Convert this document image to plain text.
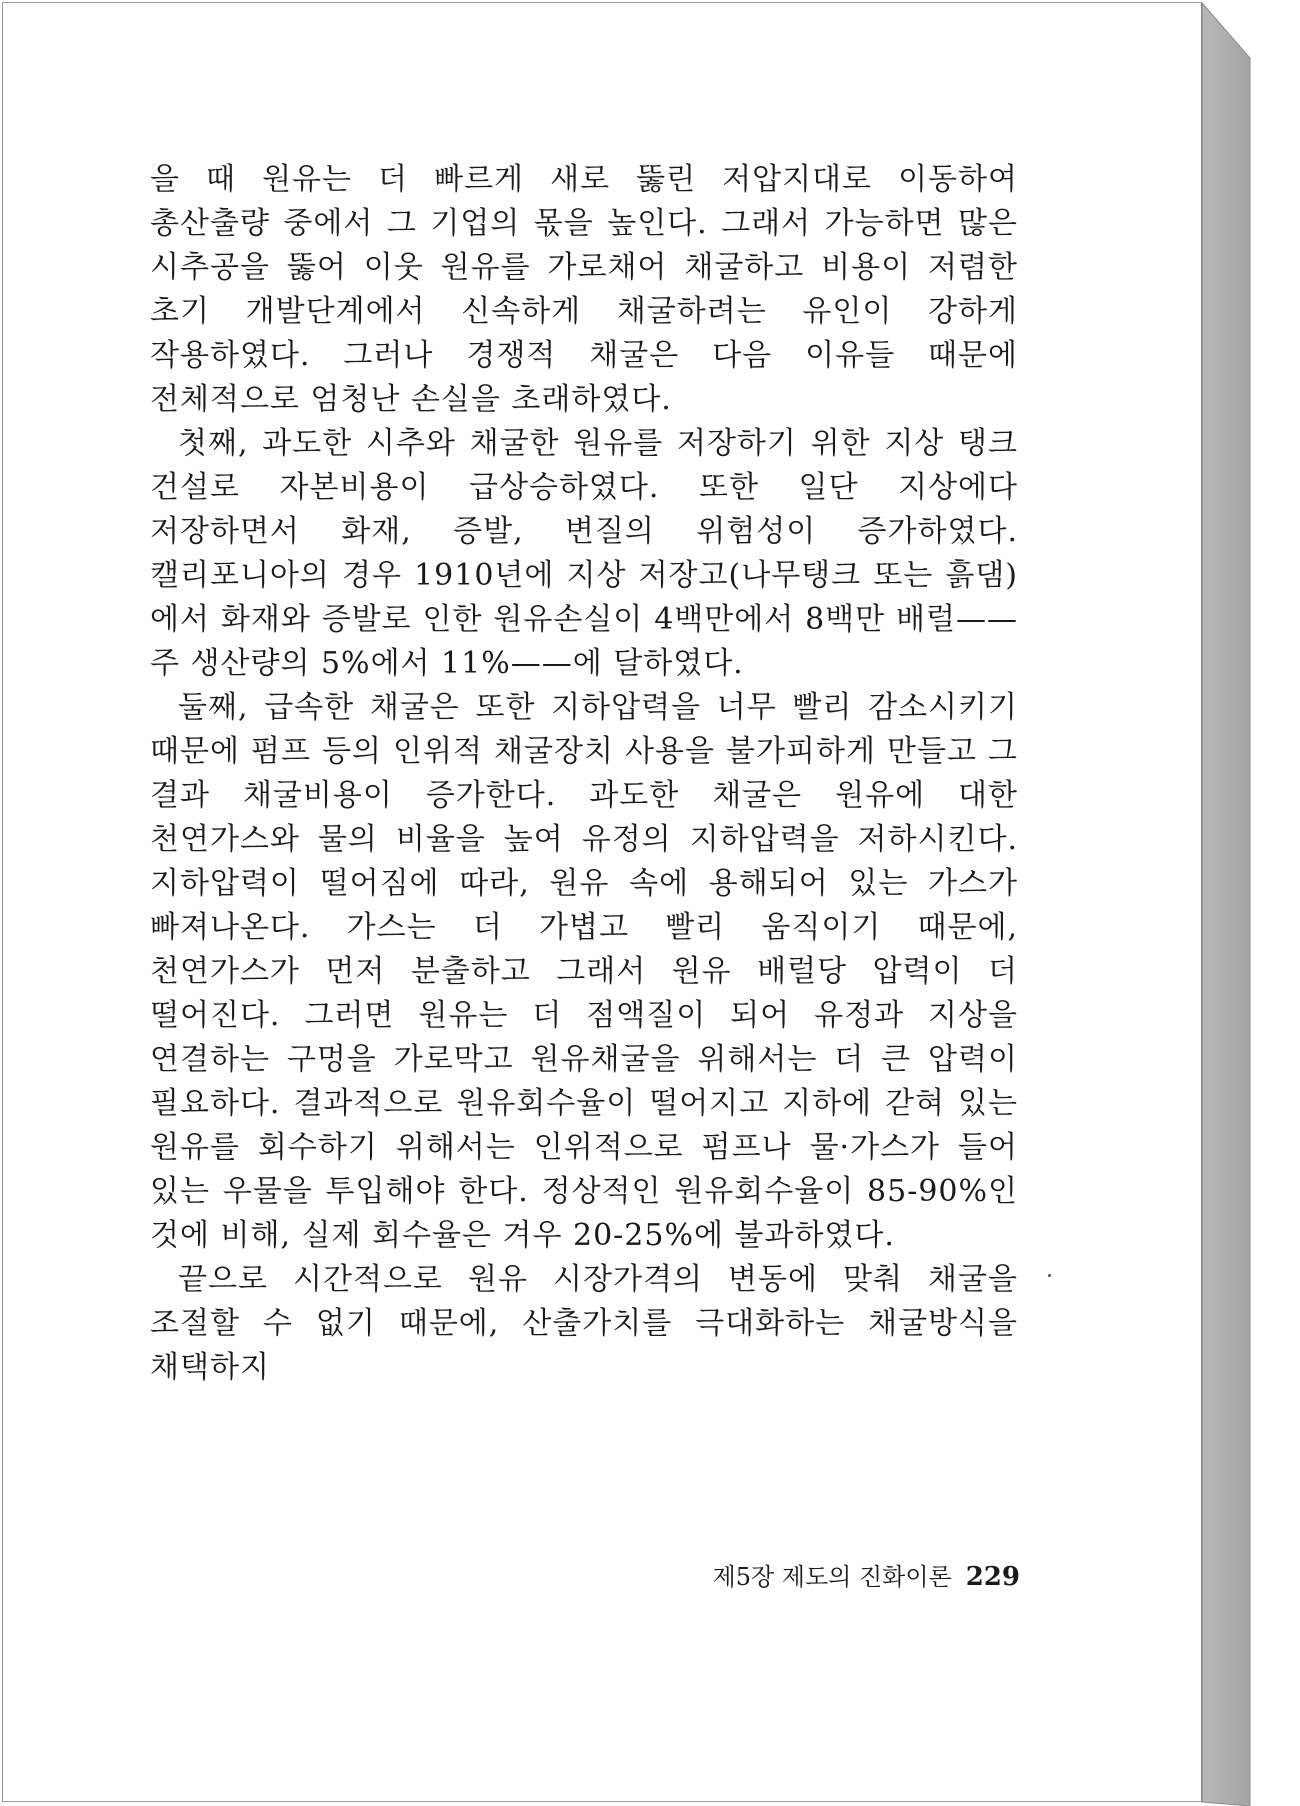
을 때 원유는 더 빠르게 새로 뚫린 저압지대로 이동하여 총산출량 중에서 그 기업의 몫을 높인다. 그래서 가능하면 많은 시추공을 뚫어 이웃 원유를 가로채어 채굴하고 비용이 저렴한 초기 개발단계에서 신속하게 채굴하려는 유인이 강하게 작용하였다. 그러나 경쟁적 채굴은 다음 이유들 때문에 전체적으로 엄청난 손실을 초래하였다.

첫째, 과도한 시추와 채굴한 원유를 저장하기 위한 지상 탱크 건설로 자본비용이 급상승하였다. 또한 일단 지상에다 저장하면서 화재, 증발, 변질의 위험성이 증가하였다. 캘리포니아의 경우 1910년에 지상 저장고(나무탱크 또는 흙댐)에서 화재와 증발로 인한 원유손실이 4백만에서 8백만 배럴——주 생산량의 5%에서 11%——에 달하였다.

둘째, 급속한 채굴은 또한 지하압력을 너무 빨리 감소시키기 때문에 펌프 등의 인위적 채굴장치 사용을 불가피하게 만들고 그 결과 채굴비용이 증가한다. 과도한 채굴은 원유에 대한 천연가스와 물의 비율을 높여 유정의 지하압력을 저하시킨다. 지하압력이 떨어짐에 따라, 원유 속에 용해되어 있는 가스가 빠져나온다. 가스는 더 가볍고 빨리 움직이기 때문에, 천연가스가 먼저 분출하고 그래서 원유 배럴당 압력이 더 떨어진다. 그러면 원유는 더 점액질이 되어 유정과 지상을 연결하는 구멍을 가로막고 원유채굴을 위해서는 더 큰 압력이 필요하다. 결과적으로 원유회수율이 떨어지고 지하에 갇혀 있는 원유를 회수하기 위해서는 인위적으로 펌프나 물·가스가 들어 있는 우물을 투입해야 한다. 정상적인 원유회수율이 85-90%인 것에 비해, 실제 회수율은 겨우 20-25%에 불과하였다.

끝으로 시간적으로 원유 시장가격의 변동에 맞춰 채굴을 조절할 수 없기 때문에, 산출가치를 극대화하는 채굴방식을 채택하지

제5장 제도의 진화이론 229
